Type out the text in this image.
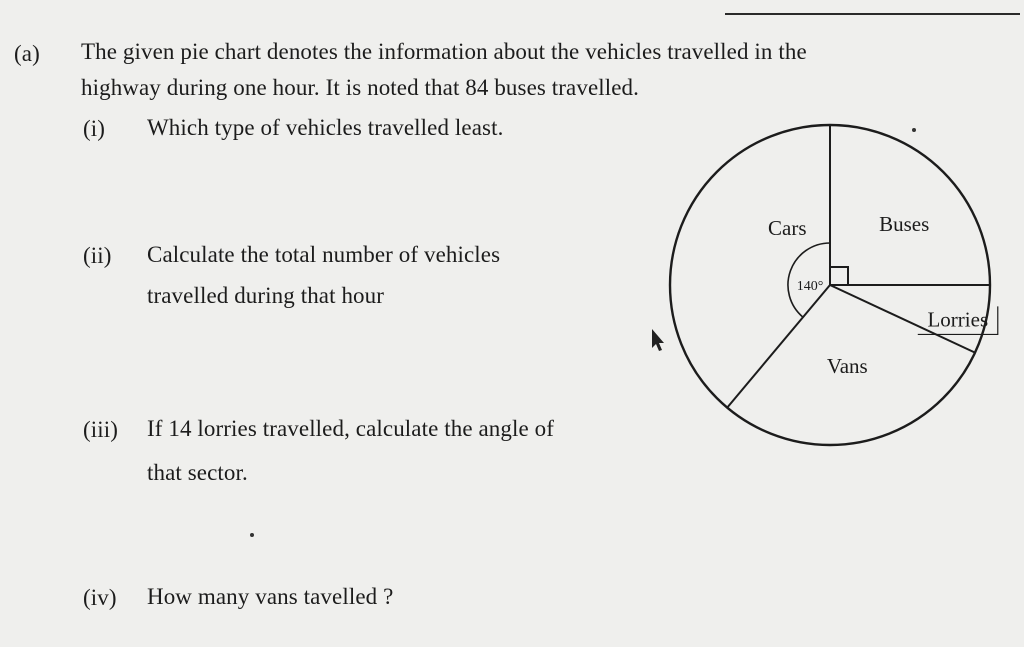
(a) The given pie chart denotes the information about the vehicles travelled in the
highway during one hour. It is noted that 84 buses travelled.
(i) Which type of vehicles travelled least.
(ii) Calculate the total number of vehicles
travelled during that hour
(iii) If 14 lorries travelled, calculate the angle of
that sector.
(iv) How many vans tavelled ?
Buses
Lorries
Vans
Cars
140°
